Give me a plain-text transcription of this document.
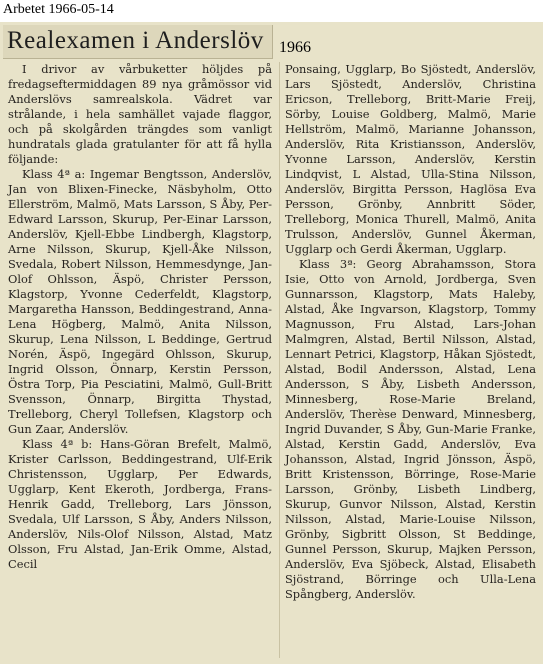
Arbetet 1966-05-14
Realexamen i Anderslöv 1966

I drivor av vårbuketter höljdes på fredagseftermiddagen 89 nya gråmössor vid Anderslövs samrealskola. Vädret var strålande, i hela samhället vajade flaggor, och på skolgården trängdes som vanligt hundratals glada gratulanter för att få hylla följande:

Klass 4ª a: Ingemar Bengtsson, Anderslöv, Jan von Blixen-Finecke, Näsbyholm, Otto Ellerström, Malmö, Mats Larsson, S Åby, Per-Edward Larsson, Skurup, Per-Einar Larsson, Anderslöv, Kjell-Ebbe Lindbergh, Klagstorp, Arne Nilsson, Skurup, Kjell-Åke Nilsson, Svedala, Robert Nilsson, Hemmesdynge, Jan-Olof Ohlsson, Äspö, Christer Persson, Klagstorp, Yvonne Cederfeldt, Klagstorp, Margaretha Hansson, Beddingestrand, Anna-Lena Högberg, Malmö, Anita Nilsson, Skurup, Lena Nilsson, L Beddinge, Gertrud Norén, Äspö, Ingegärd Ohlsson, Skurup, Ingrid Olsson, Önnarp, Kerstin Persson, Östra Torp, Pia Pesciatini, Malmö, Gull-Britt Svensson, Önnarp, Birgitta Thystad, Trelleborg, Cheryl Tollefsen, Klagstorp och Gun Zaar, Anderslöv.

Klass 4ª b: Hans-Göran Brefelt, Malmö, Krister Carlsson, Beddingestrand, Ulf-Erik Christensson, Ugglarp, Per Edwards, Ugglarp, Kent Ekeroth, Jordberga, Frans-Henrik Gadd, Trelleborg, Lars Jönsson, Svedala, Ulf Larsson, S Åby, Anders Nilsson, Anderslöv, Nils-Olof Nilsson, Alstad, Matz Olsson, Fru Alstad, Jan-Erik Omme, Alstad, Cecil

Ponsaing, Ugglarp, Bo Sjöstedt, Anderslöv, Lars Sjöstedt, Anderslöv, Christina Ericson, Trelleborg, Britt-Marie Freij, Sörby, Louise Goldberg, Malmö, Marie Hellström, Malmö, Marianne Johansson, Anderslöv, Rita Kristiansson, Anderslöv, Yvonne Larsson, Anderslöv, Kerstin Lindqvist, L Alstad, Ulla-Stina Nilsson, Anderslöv, Birgitta Persson, Haglösa Eva Persson, Grönby, Annbritt Söder, Trelleborg, Monica Thurell, Malmö, Anita Trulsson, Anderslöv, Gunnel Åkerman, Ugglarp och Gerdi Åkerman, Ugglarp.

Klass 3ª: Georg Abrahamsson, Stora Isie, Otto von Arnold, Jordberga, Sven Gunnarsson, Klagstorp, Mats Haleby, Alstad, Åke Ingvarson, Klagstorp, Tommy Magnusson, Fru Alstad, Lars-Johan Malmgren, Alstad, Bertil Nilsson, Alstad, Lennart Petrici, Klagstorp, Håkan Sjöstedt, Alstad, Bodil Andersson, Alstad, Lena Andersson, S Åby, Lisbeth Andersson, Minnesberg, Rose-Marie Breland, Anderslöv, Therèse Denward, Minnesberg, Ingrid Duvander, S Åby, Gun-Marie Franke, Alstad, Kerstin Gadd, Anderslöv, Eva Johansson, Alstad, Ingrid Jönsson, Äspö, Britt Kristensson, Börringe, Rose-Marie Larsson, Grönby, Lisbeth Lindberg, Skurup, Gunvor Nilsson, Alstad, Kerstin Nilsson, Alstad, Marie-Louise Nilsson, Grönby, Sigbritt Olsson, St Beddinge, Gunnel Persson, Skurup, Majken Persson, Anderslöv, Eva Sjöbeck, Alstad, Elisabeth Sjöstrand, Börringe och Ulla-Lena Spångberg, Anderslöv.
